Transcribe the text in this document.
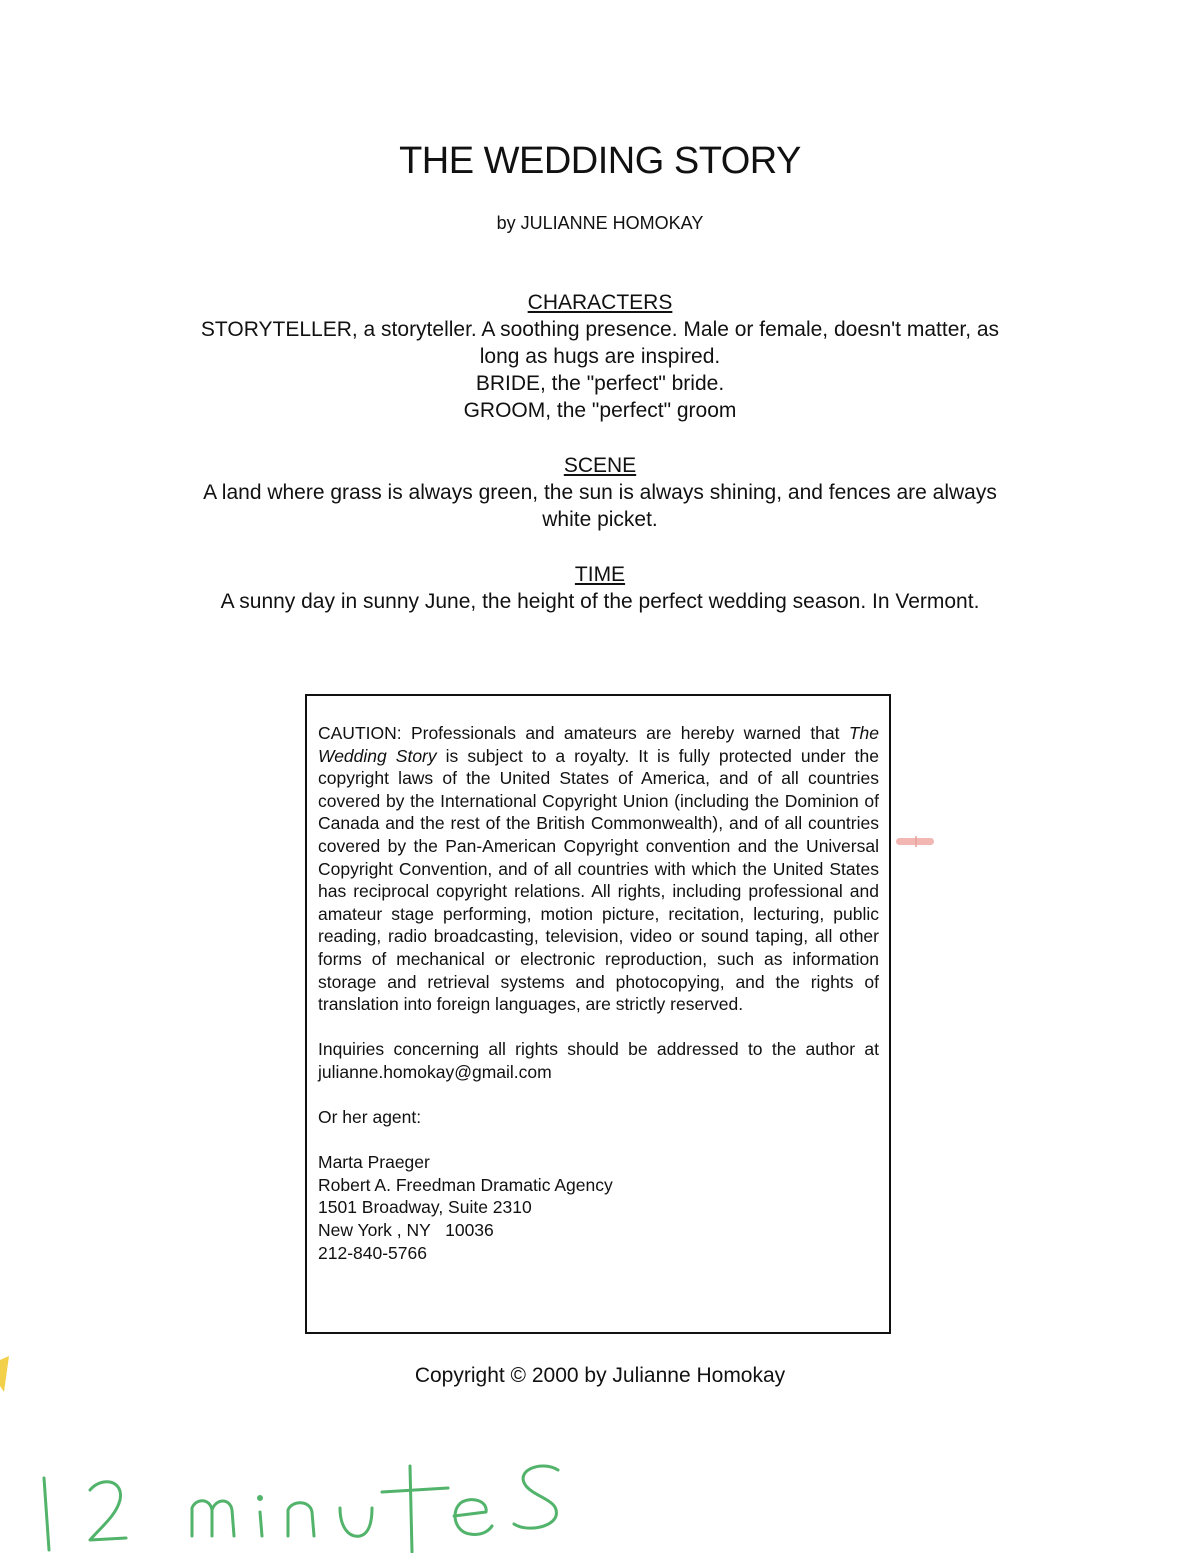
THE WEDDING STORY
by JULIANNE HOMOKAY

CHARACTERS

STORYTELLER, a storyteller. A soothing presence. Male or female, doesn't matter, as long as hugs are inspired.

BRIDE, the "perfect" bride.

GROOM, the "perfect" groom

SCENE

A land where grass is always green, the sun is always shining, and fences are always white picket.

TIME

A sunny day in sunny June, the height of the perfect wedding season. In Vermont.

CAUTION: Professionals and amateurs are hereby warned that The Wedding Story is subject to a royalty. It is fully protected under the copyright laws of the United States of America, and of all countries covered by the International Copyright Union (including the Dominion of Canada and the rest of the British Commonwealth), and of all countries covered by the Pan-American Copyright convention and the Universal Copyright Convention, and of all countries with which the United States has reciprocal copyright relations. All rights, including professional and amateur stage performing, motion picture, recitation, lecturing, public reading, radio broadcasting, television, video or sound taping, all other forms of mechanical or electronic reproduction, such as information storage and retrieval systems and photocopying, and the rights of translation into foreign languages, are strictly reserved.

Inquiries concerning all rights should be addressed to the author at julianne.homokay@gmail.com

Or her agent:

Marta Praeger

Robert A. Freedman Dramatic Agency

1501 Broadway, Suite 2310

New York , NY   10036

212-840-5766

Copyright © 2000 by Julianne Homokay
12 minutes
